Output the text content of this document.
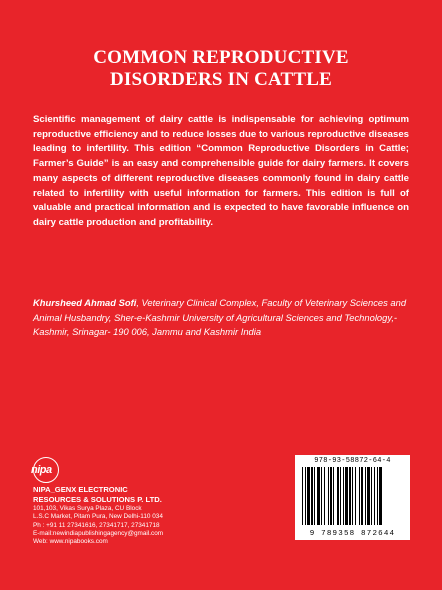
COMMON REPRODUCTIVE
DISORDERS IN CATTLE

Scientific management of dairy cattle is indispensable for achieving optimum reproductive efficiency and to reduce losses due to various reproductive diseases leading to infertility. This edition “Common Reproductive Disorders in Cattle; Farmer’s Guide” is an easy and comprehensible guide for dairy farmers. It covers many aspects of different reproductive diseases commonly found in dairy cattle related to infertility with useful information for farmers. This edition is full of valuable and practical information and is expected to have favorable influence on dairy cattle production and profitability.

Khursheed Ahmad Sofi, Veterinary Clinical Complex, Faculty of Veterinary Sciences and Animal Husbandry, Sher-e-Kashmir University of Agricultural Sciences and Technology,-Kashmir, Srinagar- 190 006, Jammu and Kashmir India

nipa
NIPA_GENX ELECTRONIC
RESOURCES & SOLUTIONS P. LTD.
101,103, Vikas Surya Plaza, CU Block
L.S.C Market, Pitam Pura, New Delhi-110 034
Ph : +91 11 27341616, 27341717, 27341718
E-mail:newindiapublishingagency@gmail.com
Web: www.nipabooks.com
978-93-58872-64-4
9 789358 872644
